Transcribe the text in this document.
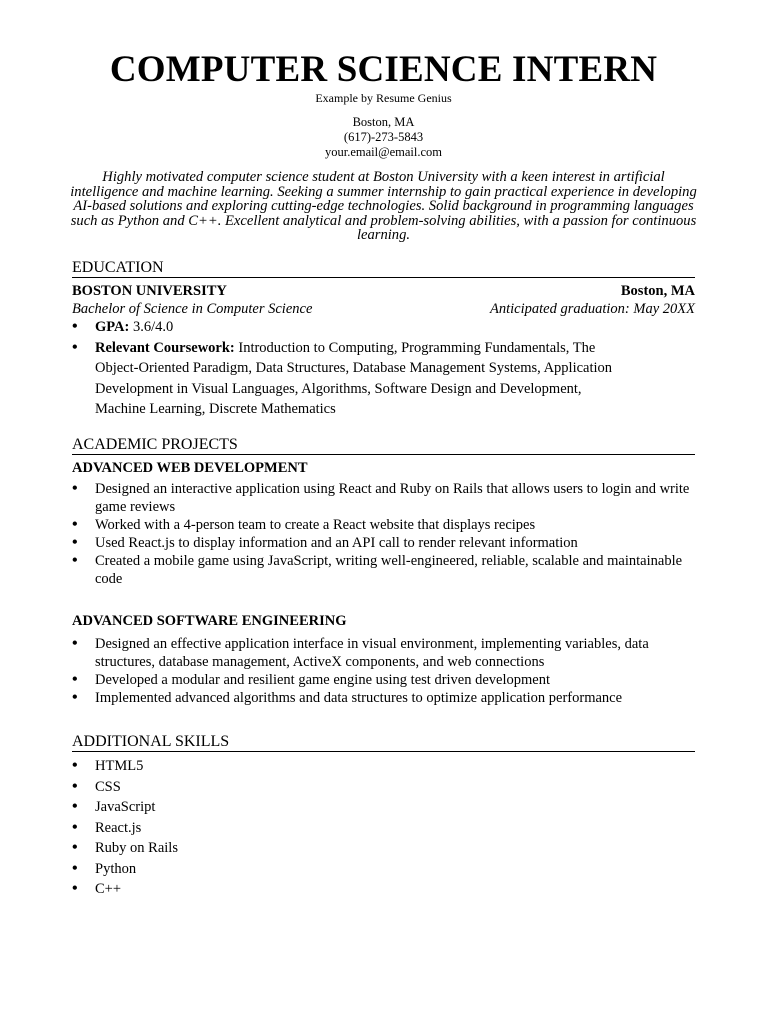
COMPUTER SCIENCE INTERN
Example by Resume Genius
Boston, MA
(617)-273-5843
your.email@email.com
Highly motivated computer science student at Boston University with a keen interest in artificial intelligence and machine learning. Seeking a summer internship to gain practical experience in developing AI-based solutions and exploring cutting-edge technologies. Solid background in programming languages such as Python and C++. Excellent analytical and problem-solving abilities, with a passion for continuous learning.
EDUCATION
BOSTON UNIVERSITY	Boston, MA
Bachelor of Science in Computer Science	Anticipated graduation: May 20XX
• GPA: 3.6/4.0
• Relevant Coursework: Introduction to Computing, Programming Fundamentals, The Object-Oriented Paradigm, Data Structures, Database Management Systems, Application Development in Visual Languages, Algorithms, Software Design and Development, Machine Learning, Discrete Mathematics
ACADEMIC PROJECTS
ADVANCED WEB DEVELOPMENT
• Designed an interactive application using React and Ruby on Rails that allows users to login and write game reviews
• Worked with a 4-person team to create a React website that displays recipes
• Used React.js to display information and an API call to render relevant information
• Created a mobile game using JavaScript, writing well-engineered, reliable, scalable and maintainable code
ADVANCED SOFTWARE ENGINEERING
• Designed an effective application interface in visual environment, implementing variables, data structures, database management, ActiveX components, and web connections
• Developed a modular and resilient game engine using test driven development
• Implemented advanced algorithms and data structures to optimize application performance
ADDITIONAL SKILLS
• HTML5
• CSS
• JavaScript
• React.js
• Ruby on Rails
• Python
• C++
